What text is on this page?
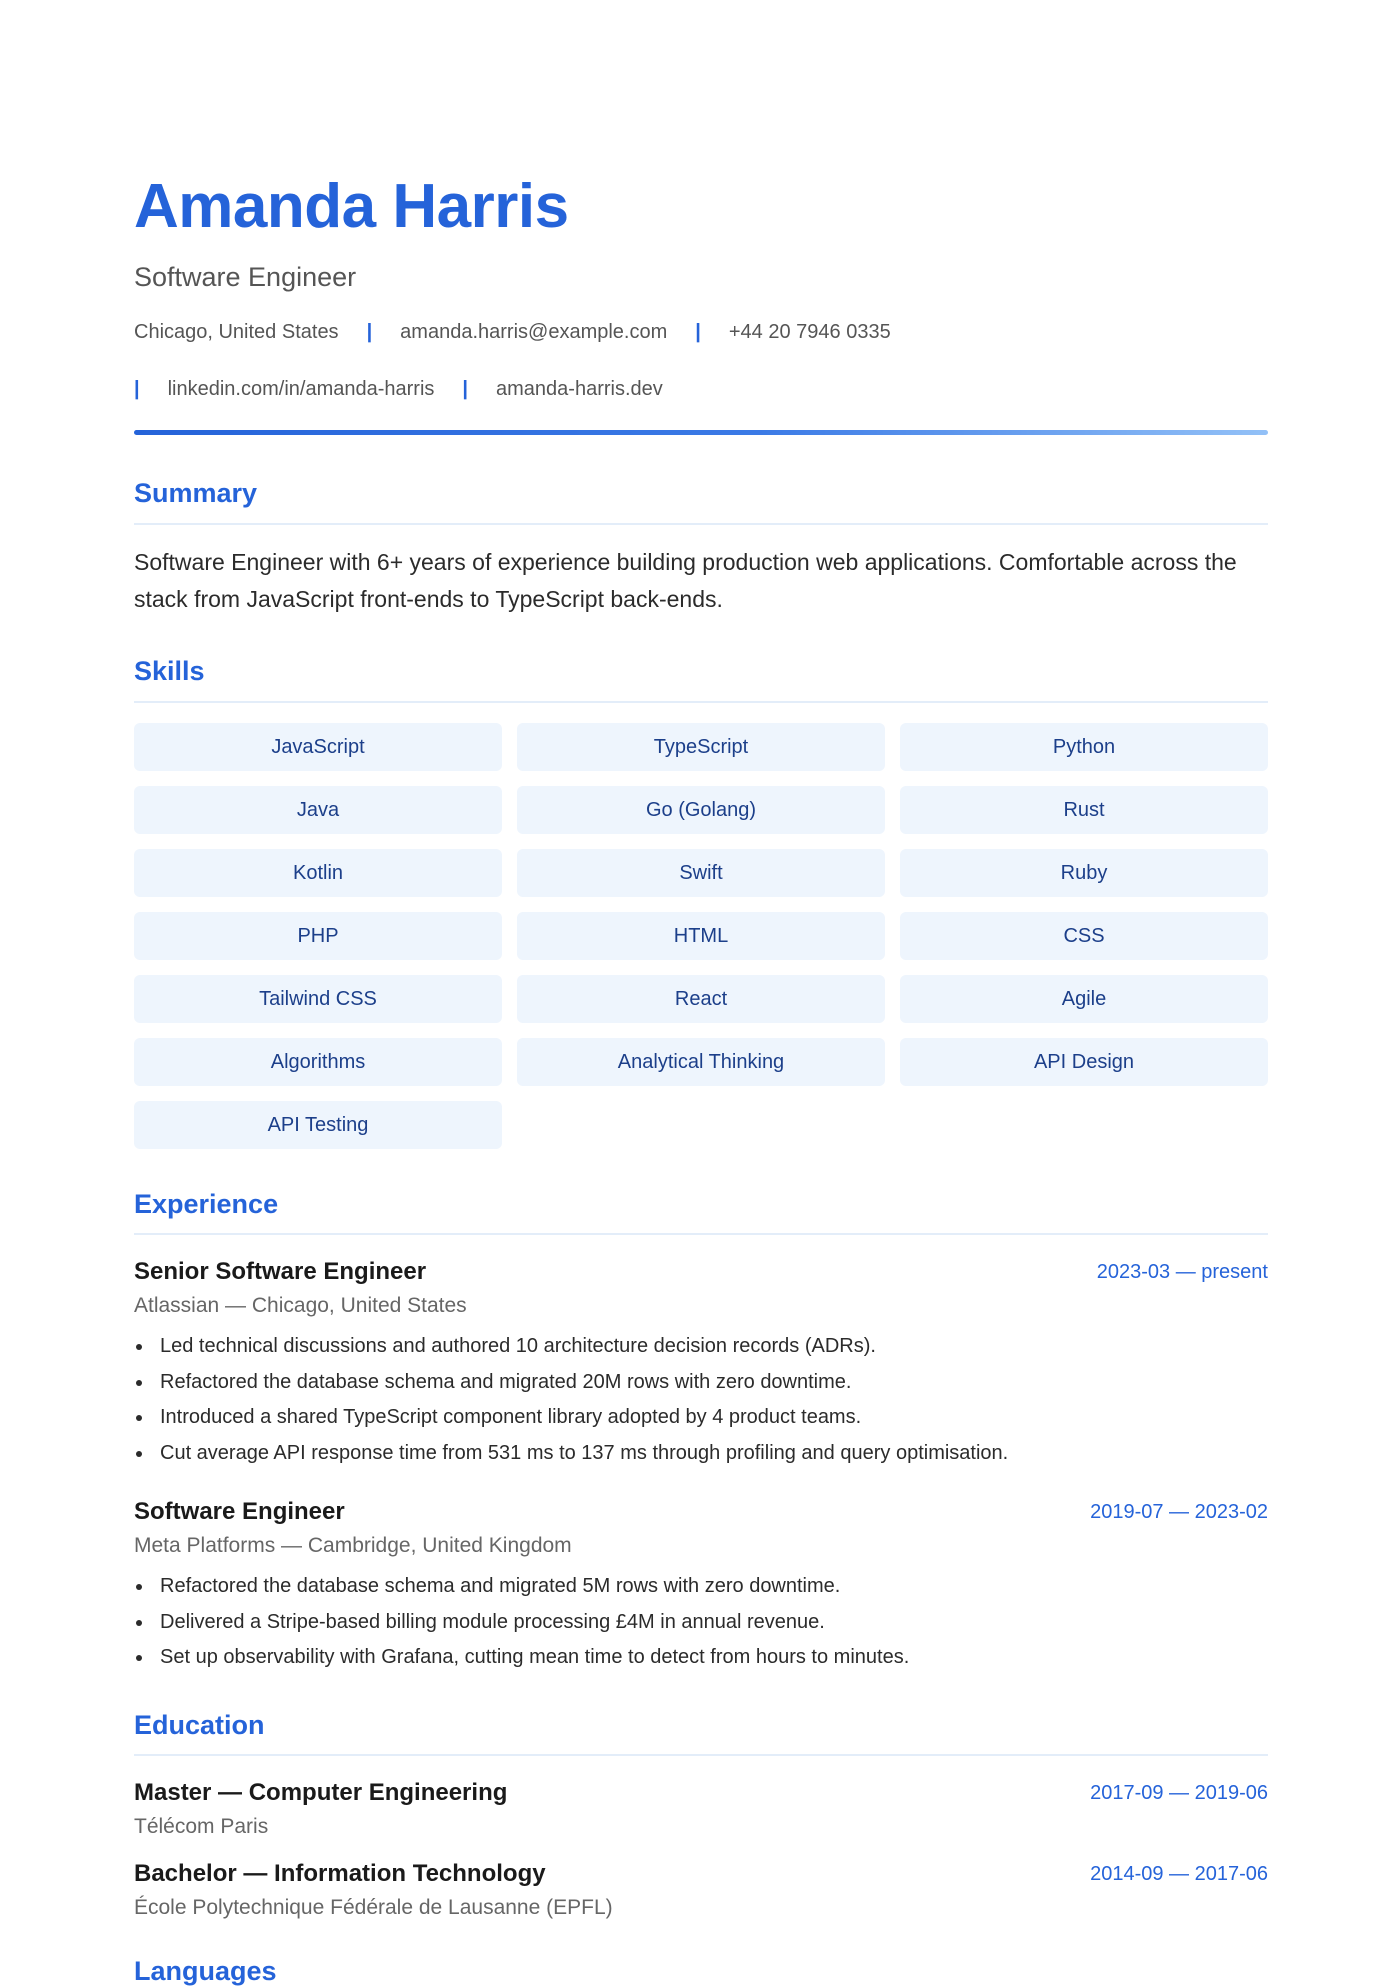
Amanda Harris
Software Engineer
Chicago, United States | amanda.harris@example.com | +44 20 7946 0335
| linkedin.com/in/amanda-harris | amanda-harris.dev
Summary

Software Engineer with 6+ years of experience building production web applications. Comfortable across the stack from JavaScript front-ends to TypeScript back-ends.

Skills
JavaScript	TypeScript	Python
Java	Go (Golang)	Rust
Kotlin	Swift	Ruby
PHP	HTML	CSS
Tailwind CSS	React	Agile
Algorithms	Analytical Thinking	API Design
API Testing
Experience
Senior Software Engineer	2023-03 — present
Atlassian — Chicago, United States
Led technical discussions and authored 10 architecture decision records (ADRs).
Refactored the database schema and migrated 20M rows with zero downtime.
Introduced a shared TypeScript component library adopted by 4 product teams.
Cut average API response time from 531 ms to 137 ms through profiling and query optimisation.
Software Engineer	2019-07 — 2023-02
Meta Platforms — Cambridge, United Kingdom
Refactored the database schema and migrated 5M rows with zero downtime.
Delivered a Stripe-based billing module processing £4M in annual revenue.
Set up observability with Grafana, cutting mean time to detect from hours to minutes.
Education
Master — Computer Engineering	2017-09 — 2019-06
Télécom Paris
Bachelor — Information Technology	2014-09 — 2017-06
École Polytechnique Fédérale de Lausanne (EPFL)
Languages
